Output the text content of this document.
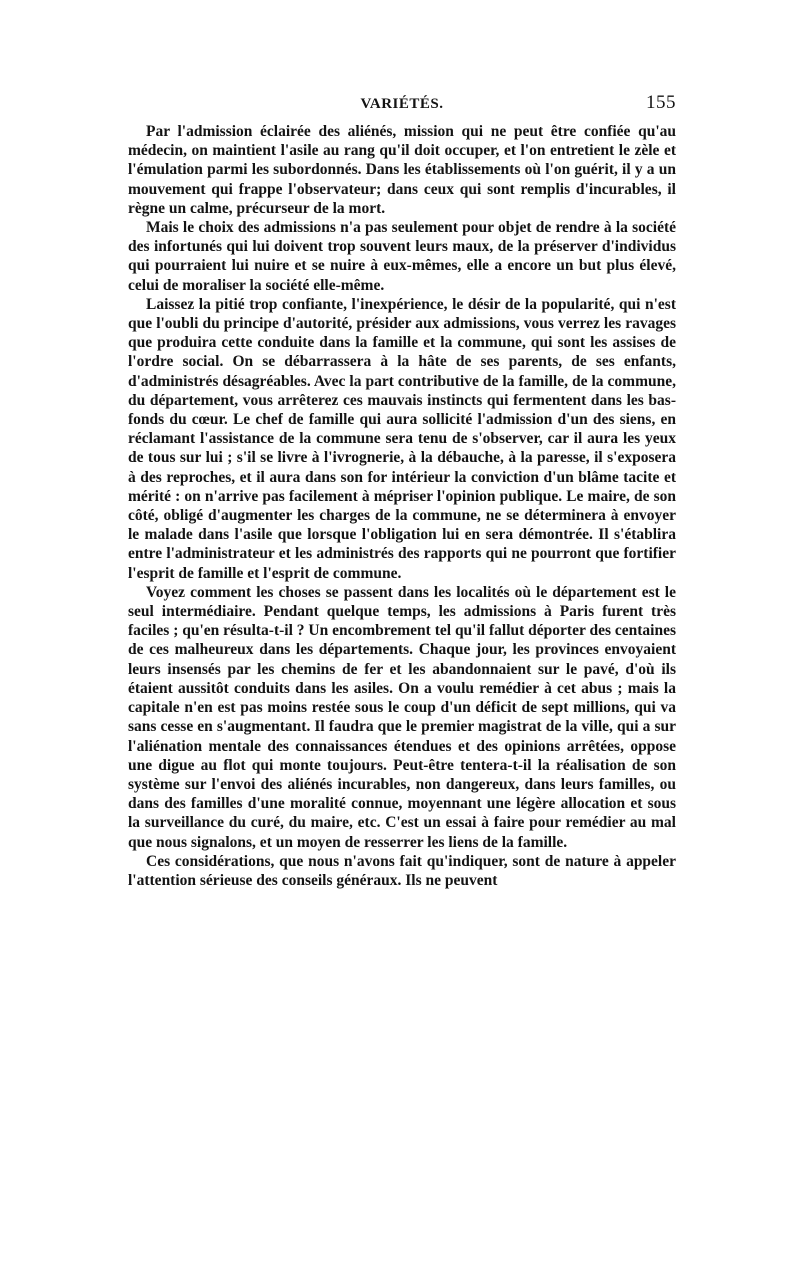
VARIÉTÉS.	155

Par l'admission éclairée des aliénés, mission qui ne peut être confiée qu'au médecin, on maintient l'asile au rang qu'il doit occuper, et l'on entretient le zèle et l'émulation parmi les subordonnés. Dans les établissements où l'on guérit, il y a un mouvement qui frappe l'observateur; dans ceux qui sont remplis d'incurables, il règne un calme, précurseur de la mort.

Mais le choix des admissions n'a pas seulement pour objet de rendre à la société des infortunés qui lui doivent trop souvent leurs maux, de la préserver d'individus qui pourraient lui nuire et se nuire à eux-mêmes, elle a encore un but plus élevé, celui de moraliser la société elle-même.

Laissez la pitié trop confiante, l'inexpérience, le désir de la popularité, qui n'est que l'oubli du principe d'autorité, présider aux admissions, vous verrez les ravages que produira cette conduite dans la famille et la commune, qui sont les assises de l'ordre social. On se débarrassera à la hâte de ses parents, de ses enfants, d'administrés désagréables. Avec la part contributive de la famille, de la commune, du département, vous arrêterez ces mauvais instincts qui fermentent dans les bas-fonds du cœur. Le chef de famille qui aura sollicité l'admission d'un des siens, en réclamant l'assistance de la commune sera tenu de s'observer, car il aura les yeux de tous sur lui ; s'il se livre à l'ivrognerie, à la débauche, à la paresse, il s'exposera à des reproches, et il aura dans son for intérieur la conviction d'un blâme tacite et mérité : on n'arrive pas facilement à mépriser l'opinion publique. Le maire, de son côté, obligé d'augmenter les charges de la commune, ne se déterminera à envoyer le malade dans l'asile que lorsque l'obligation lui en sera démontrée. Il s'établira entre l'administrateur et les administrés des rapports qui ne pourront que fortifier l'esprit de famille et l'esprit de commune.

Voyez comment les choses se passent dans les localités où le département est le seul intermédiaire. Pendant quelque temps, les admissions à Paris furent très faciles ; qu'en résulta-t-il ? Un encombrement tel qu'il fallut déporter des centaines de ces malheureux dans les départements. Chaque jour, les provinces envoyaient leurs insensés par les chemins de fer et les abandonnaient sur le pavé, d'où ils étaient aussitôt conduits dans les asiles. On a voulu remédier à cet abus ; mais la capitale n'en est pas moins restée sous le coup d'un déficit de sept millions, qui va sans cesse en s'augmentant. Il faudra que le premier magistrat de la ville, qui a sur l'aliénation mentale des connaissances étendues et des opinions arrêtées, oppose une digue au flot qui monte toujours. Peut-être tentera-t-il la réalisation de son système sur l'envoi des aliénés incurables, non dangereux, dans leurs familles, ou dans des familles d'une moralité connue, moyennant une légère allocation et sous la surveillance du curé, du maire, etc. C'est un essai à faire pour remédier au mal que nous signalons, et un moyen de resserrer les liens de la famille.

Ces considérations, que nous n'avons fait qu'indiquer, sont de nature à appeler l'attention sérieuse des conseils généraux. Ils ne peuvent
